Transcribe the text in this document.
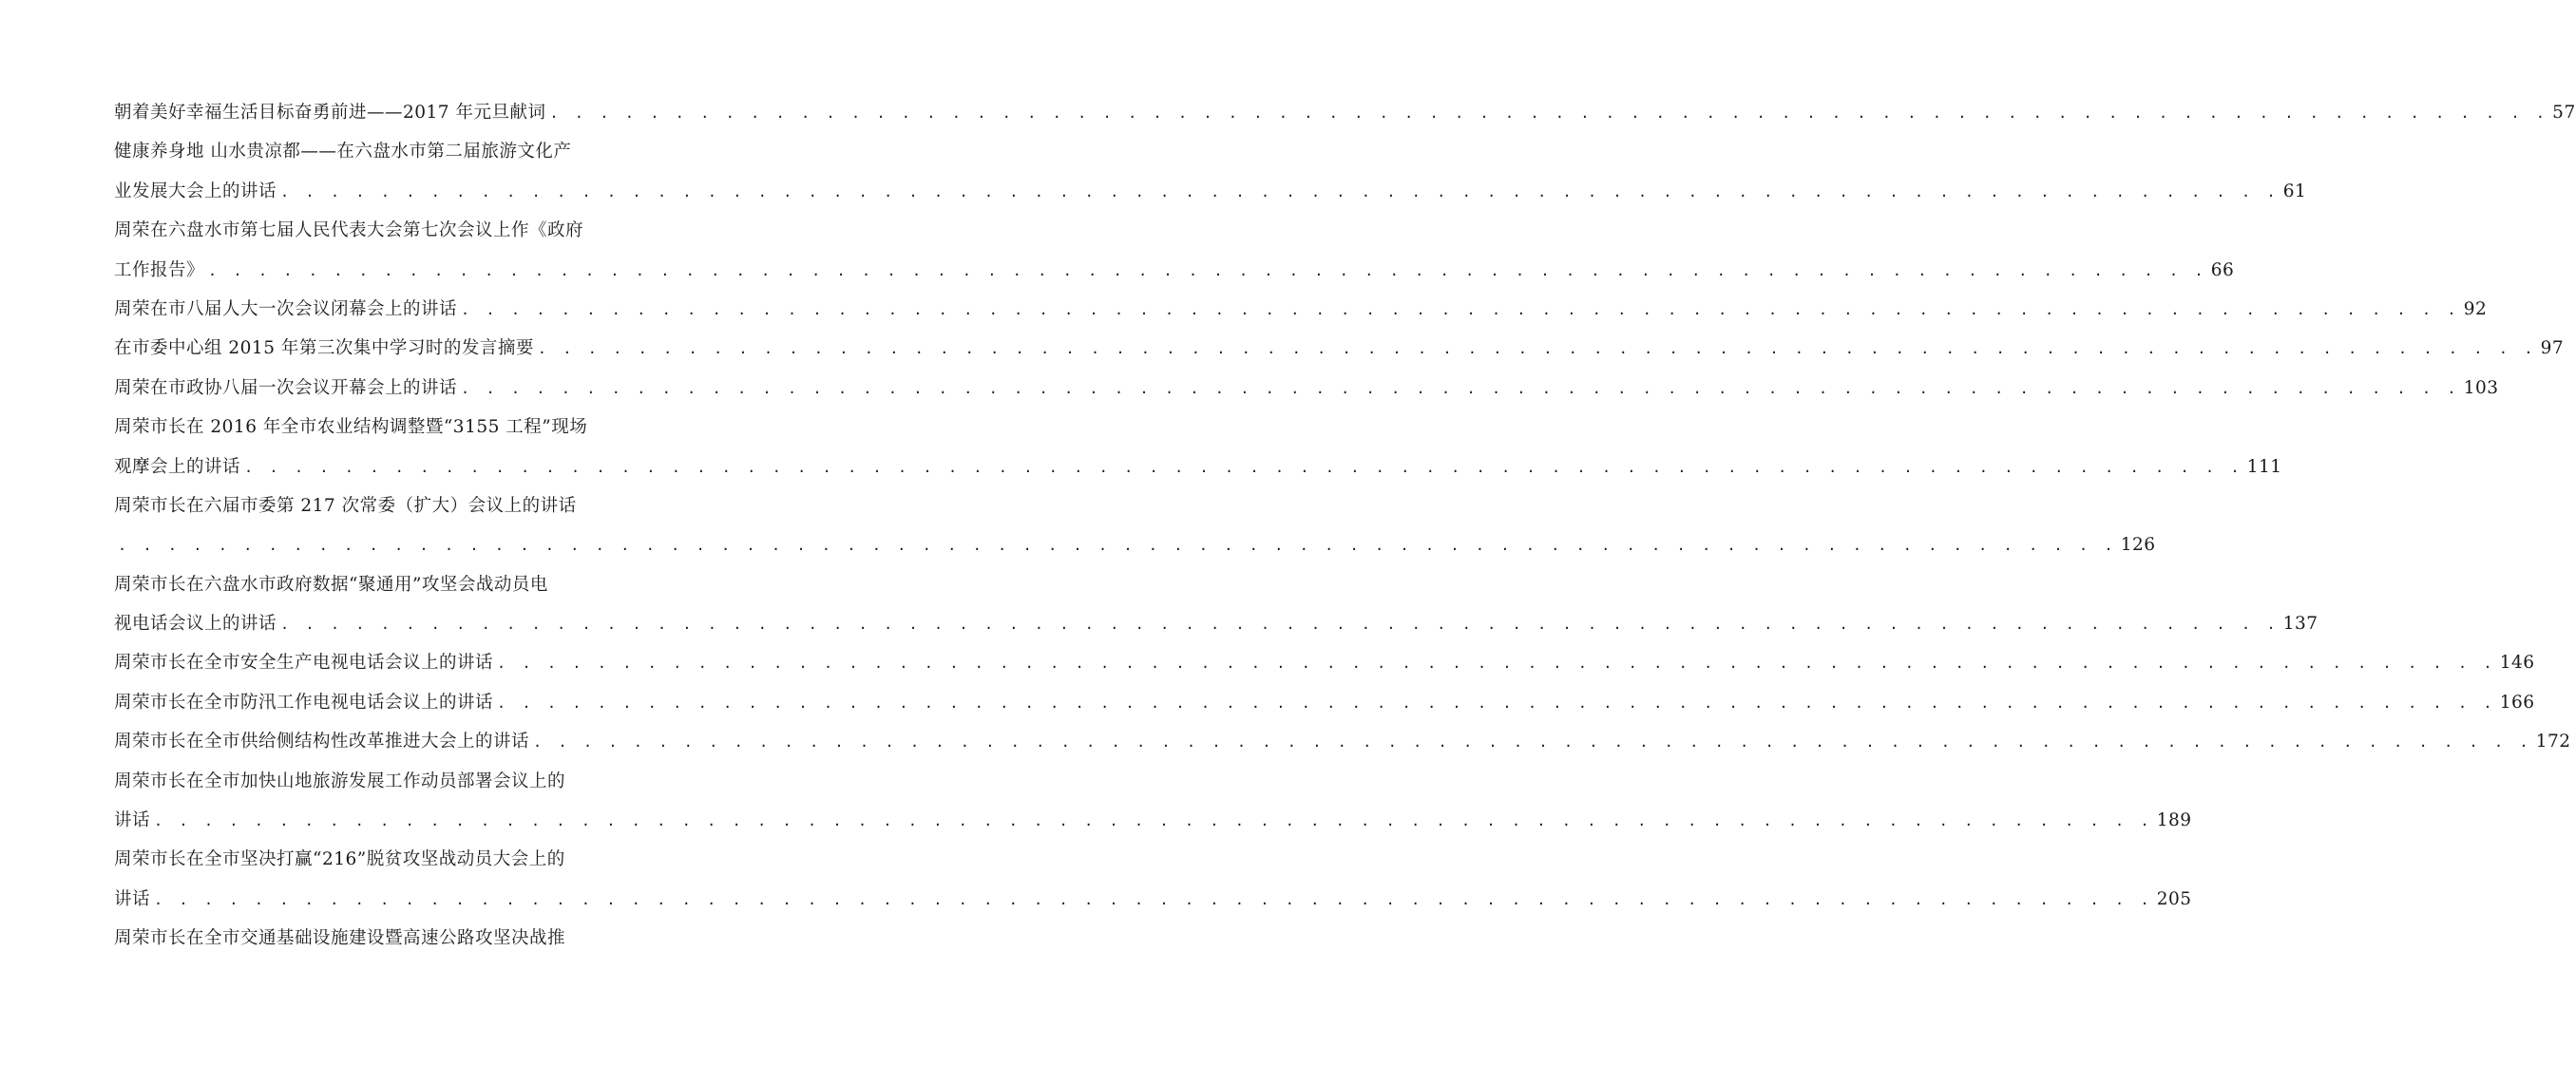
朝着美好幸福生活目标奋勇前进——2017 年元旦献词 . . . . . . . . . . . . . . . . . . . . . . . . . . . . . . . . . . . . . . . . . . . . . . . . . . . . . . . . . . . . . . . . . . . . . . . . . . . . . . . . 57
健康养身地 山水贵凉都——在六盘水市第二届旅游文化产
业发展大会上的讲话 . . . . . . . . . . . . . . . . . . . . . . . . . . . . . . . . . . . . . . . . . . . . . . . . . . . . . . . . . . . . . . . . . . . . . . . . . . . . . . . . 61
周荣在六盘水市第七届人民代表大会第七次会议上作《政府
工作报告》 . . . . . . . . . . . . . . . . . . . . . . . . . . . . . . . . . . . . . . . . . . . . . . . . . . . . . . . . . . . . . . . . . . . . . . . . . . . . . . . . 66
周荣在市八届人大一次会议闭幕会上的讲话 . . . . . . . . . . . . . . . . . . . . . . . . . . . . . . . . . . . . . . . . . . . . . . . . . . . . . . . . . . . . . . . . . . . . . . . . . . . . . . . . 92
在市委中心组 2015 年第三次集中学习时的发言摘要 . . . . . . . . . . . . . . . . . . . . . . . . . . . . . . . . . . . . . . . . . . . . . . . . . . . . . . . . . . . . . . . . . . . . . . . . . . . . . . . . 97
周荣在市政协八届一次会议开幕会上的讲话 . . . . . . . . . . . . . . . . . . . . . . . . . . . . . . . . . . . . . . . . . . . . . . . . . . . . . . . . . . . . . . . . . . . . . . . . . . . . . . . . 103
周荣市长在 2016 年全市农业结构调整暨“3155 工程”现场
观摩会上的讲话 . . . . . . . . . . . . . . . . . . . . . . . . . . . . . . . . . . . . . . . . . . . . . . . . . . . . . . . . . . . . . . . . . . . . . . . . . . . . . . . . 111
周荣市长在六届市委第 217 次常委（扩大）会议上的讲话
. . . . . . . . . . . . . . . . . . . . . . . . . . . . . . . . . . . . . . . . . . . . . . . . . . . . . . . . . . . . . . . . . . . . . . . . . . . . . . . . 126
周荣市长在六盘水市政府数据“聚通用”攻坚会战动员电
视电话会议上的讲话 . . . . . . . . . . . . . . . . . . . . . . . . . . . . . . . . . . . . . . . . . . . . . . . . . . . . . . . . . . . . . . . . . . . . . . . . . . . . . . . . 137
周荣市长在全市安全生产电视电话会议上的讲话 . . . . . . . . . . . . . . . . . . . . . . . . . . . . . . . . . . . . . . . . . . . . . . . . . . . . . . . . . . . . . . . . . . . . . . . . . . . . . . . . 146
周荣市长在全市防汛工作电视电话会议上的讲话 . . . . . . . . . . . . . . . . . . . . . . . . . . . . . . . . . . . . . . . . . . . . . . . . . . . . . . . . . . . . . . . . . . . . . . . . . . . . . . . . 166
周荣市长在全市供给侧结构性改革推进大会上的讲话 . . . . . . . . . . . . . . . . . . . . . . . . . . . . . . . . . . . . . . . . . . . . . . . . . . . . . . . . . . . . . . . . . . . . . . . . . . . . . . . . 172
周荣市长在全市加快山地旅游发展工作动员部署会议上的
讲话 . . . . . . . . . . . . . . . . . . . . . . . . . . . . . . . . . . . . . . . . . . . . . . . . . . . . . . . . . . . . . . . . . . . . . . . . . . . . . . . . 189
周荣市长在全市坚决打赢“216”脱贫攻坚战动员大会上的
讲话 . . . . . . . . . . . . . . . . . . . . . . . . . . . . . . . . . . . . . . . . . . . . . . . . . . . . . . . . . . . . . . . . . . . . . . . . . . . . . . . . 205
周荣市长在全市交通基础设施建设暨高速公路攻坚决战推
